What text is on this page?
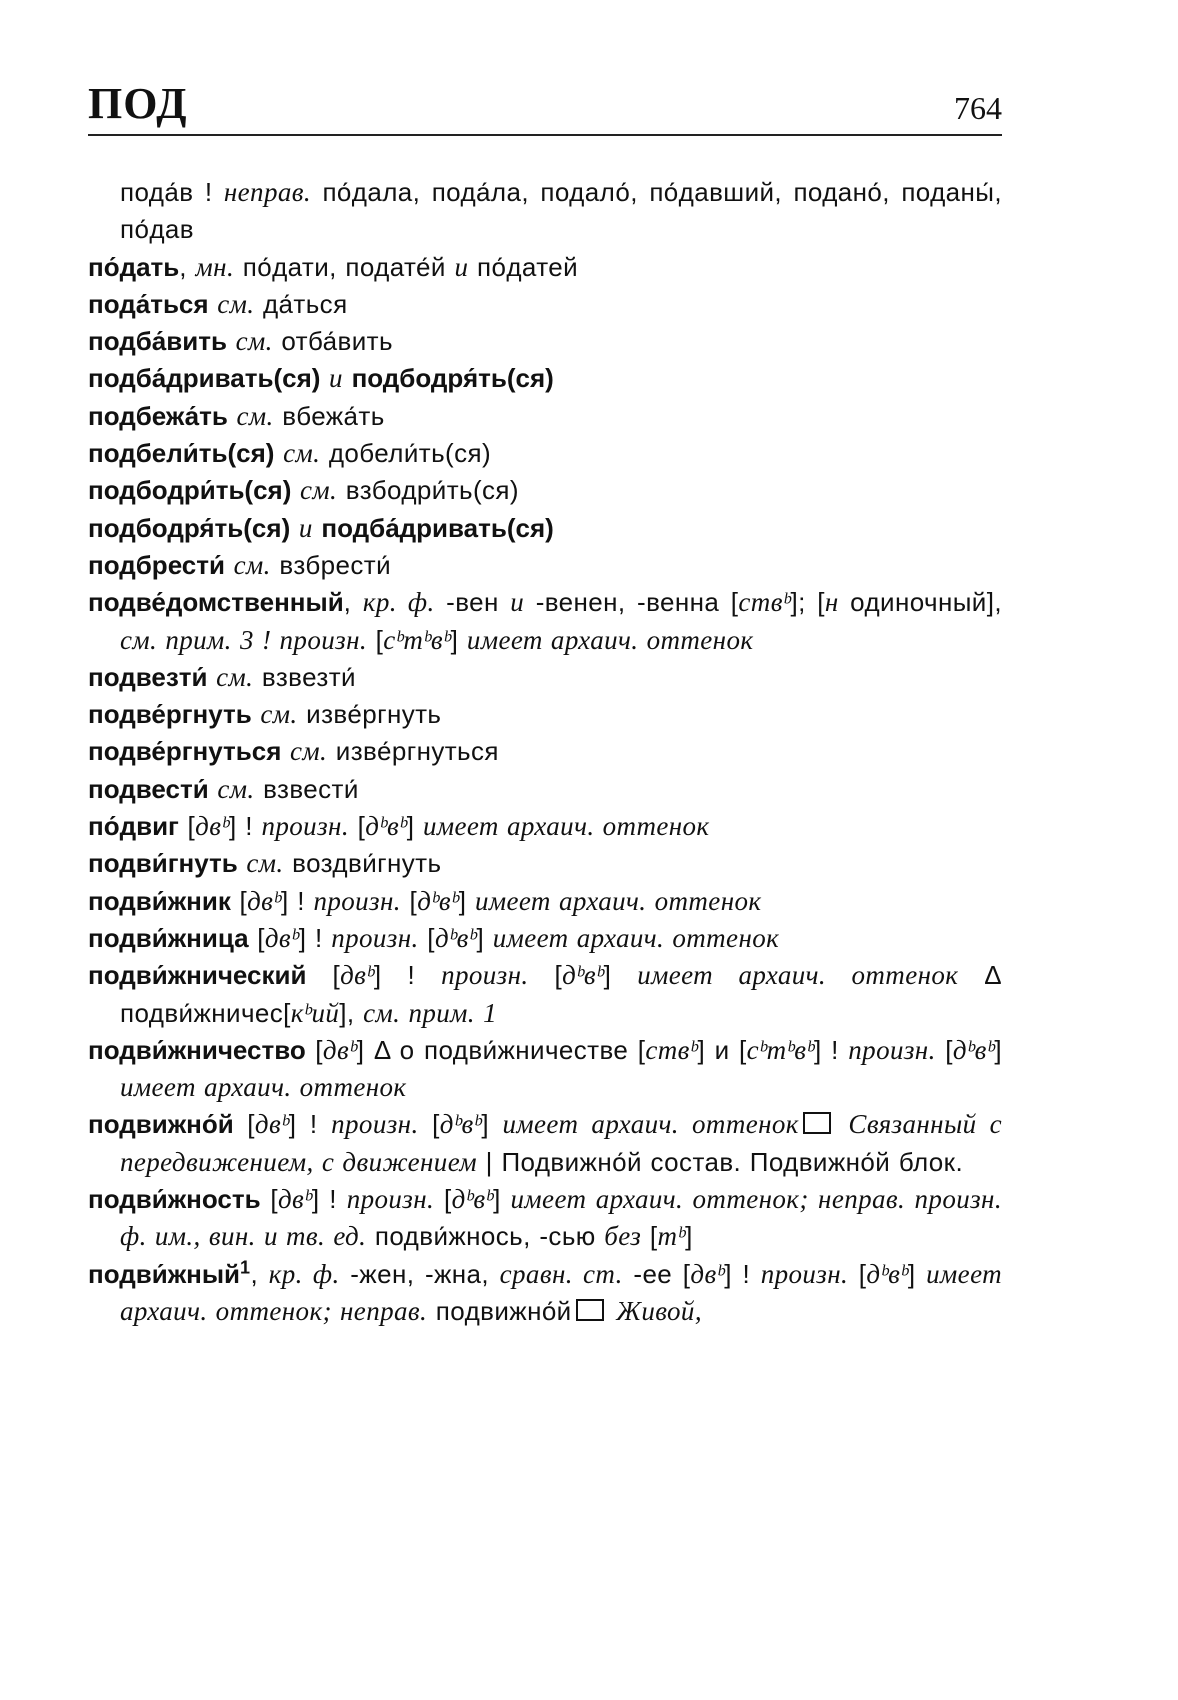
ПОД	764
пода́в ! неправ. по́дала, пода́ла, подало́, по́давший, подано́, поданы́, по́дав
по́дать, мн. по́дати, подате́й и по́датей
пода́ться см. да́ться
подба́вить см. отба́вить
подба́дривать(ся) и подбодря́ть(ся)
подбежа́ть см. вбежа́ть
подбели́ть(ся) см. добели́ть(ся)
подбодри́ть(ся) см. взбодри́ть(ся)
подбодря́ть(ся) и подба́дривать(ся)
подбрести́ см. взбрести́
подве́домственный, кр. ф. -вен и -венен, -венна [ствᵇ]; [н одиночный], см. прим. 3 ! произн. [сᵇтᵇвᵇ] имеет архаич. оттенок
подвезти́ см. взвезти́
подве́ргнуть см. изве́ргнуть
подве́ргнуться см. изве́ргнуться
подвести́ см. взвести́
по́двиг [двᵇ] ! произн. [дᵇвᵇ] имеет архаич. оттенок
подви́гнуть см. воздви́гнуть
подви́жник [двᵇ] ! произн. [дᵇвᵇ] имеет архаич. оттенок
подви́жница [двᵇ] ! произн. [дᵇвᵇ] имеет архаич. оттенок
подви́жнический [двᵇ] ! произн. [дᵇвᵇ] имеет архаич. оттенок Δ подви́жничес[кᵇий], см. прим. 1
подви́жничество [двᵇ] Δ о подви́жничестве [ствᵇ] и [сᵇтᵇвᵇ] ! произн. [дᵇвᵇ] имеет архаич. оттенок
подвижно́й [двᵇ] ! произн. [дᵇвᵇ] имеет архаич. оттенок Связанный с передвижением, с движением | Подвижно́й состав. Подвижно́й блок.
подви́жность [двᵇ] ! произн. [дᵇвᵇ] имеет архаич. оттенок; неправ. произн. ф. им., вин. и тв. ед. подви́жнось, -сью без [тᵇ]
подви́жный$^1$, кр. ф. -жен, -жна, сравн. ст. -ее [двᵇ] ! произн. [дᵇвᵇ] имеет архаич. оттенок; неправ. подвижно́й Живой,
